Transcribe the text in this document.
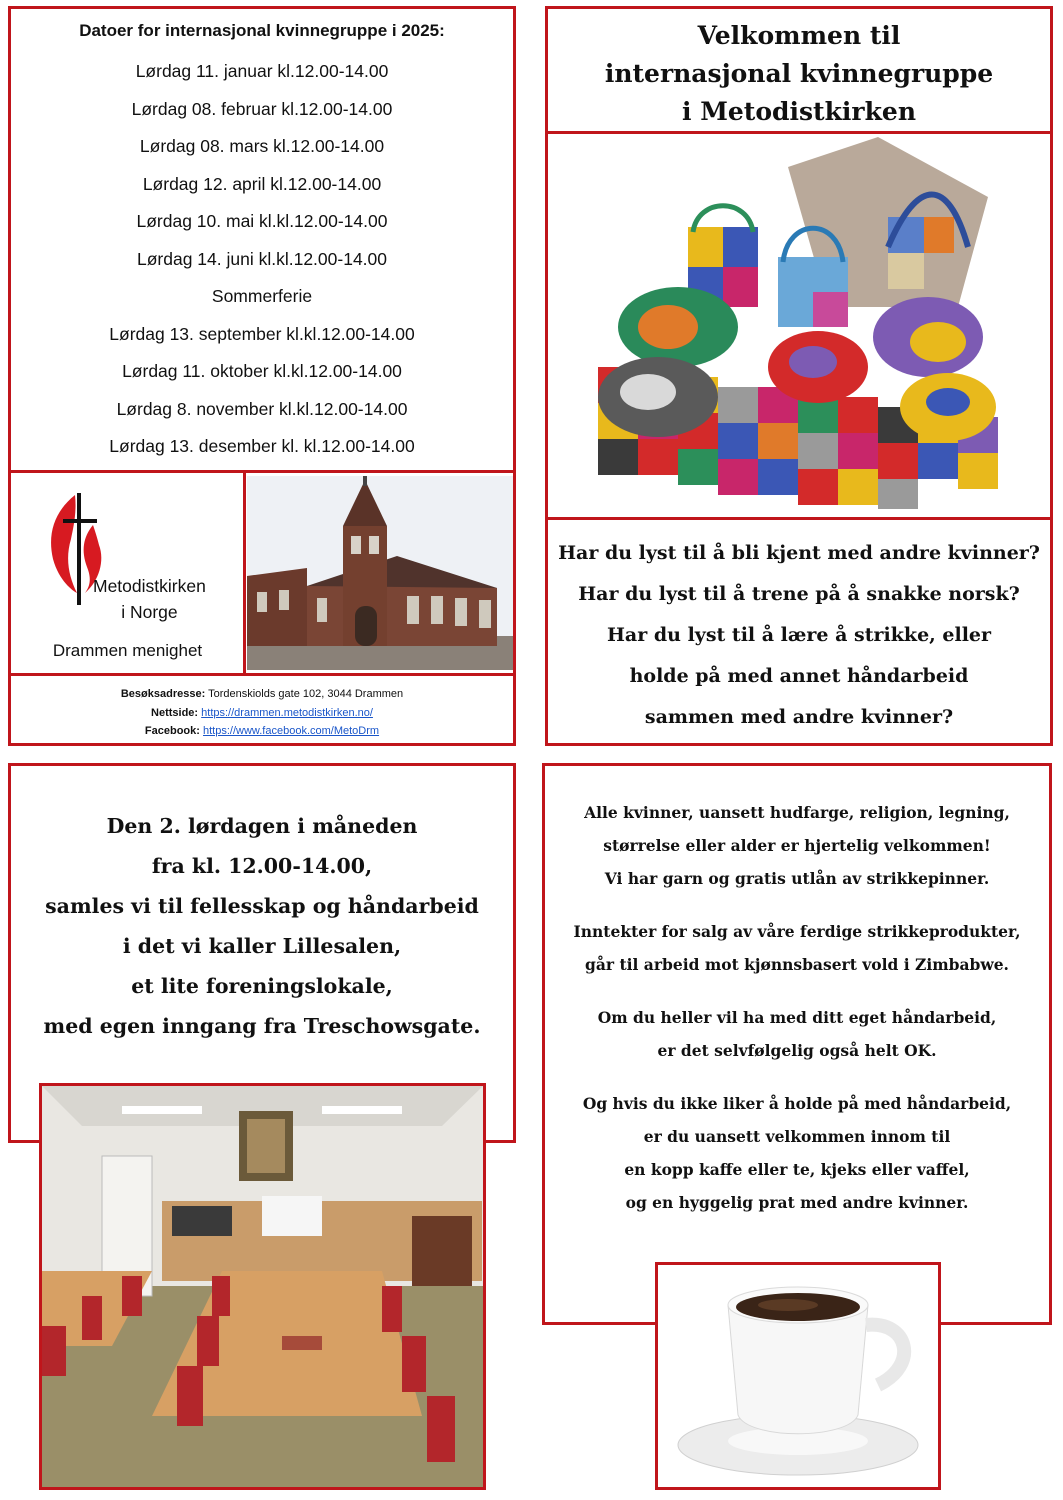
Datoer for internasjonal kvinnegruppe i 2025:
Lørdag 11. januar kl.12.00-14.00
Lørdag 08. februar kl.12.00-14.00
Lørdag 08. mars kl.12.00-14.00
Lørdag 12. april kl.12.00-14.00
Lørdag 10. mai kl.kl.12.00-14.00
Lørdag 14. juni kl.kl.12.00-14.00
Sommerferie
Lørdag 13. september kl.kl.12.00-14.00
Lørdag 11. oktober kl.kl.12.00-14.00
Lørdag 8. november kl.kl.12.00-14.00
Lørdag 13. desember kl. kl.12.00-14.00
Metodistkirken
i Norge
Drammen menighet
Besøksadresse: Tordenskiolds gate 102, 3044 Drammen
Nettside: https://drammen.metodistkirken.no/
Facebook: https://www.facebook.com/MetoDrm
Velkommen til
internasjonal kvinnegruppe
i Metodistkirken
Har du lyst til å bli kjent med andre kvinner?
Har du lyst til å trene på å snakke norsk?
Har du lyst til å lære å strikke, eller
holde på med annet håndarbeid
sammen med andre kvinner?
Den 2. lørdagen i måneden
fra kl. 12.00-14.00,
samles vi til fellesskap og håndarbeid
i det vi kaller Lillesalen,
et lite foreningslokale,
med egen inngang fra Treschowsgate.
Alle kvinner, uansett hudfarge, religion, legning,
størrelse eller alder er hjertelig velkommen!
Vi har garn og gratis utlån av strikkepinner.
Inntekter for salg av våre ferdige strikkeprodukter,
går til arbeid mot kjønnsbasert vold i Zimbabwe.
Om du heller vil ha med ditt eget håndarbeid,
er det selvfølgelig også helt OK.
Og hvis du ikke liker å holde på med håndarbeid,
er du uansett velkommen innom til
en kopp kaffe eller te, kjeks eller vaffel,
og en hyggelig prat med andre kvinner.
